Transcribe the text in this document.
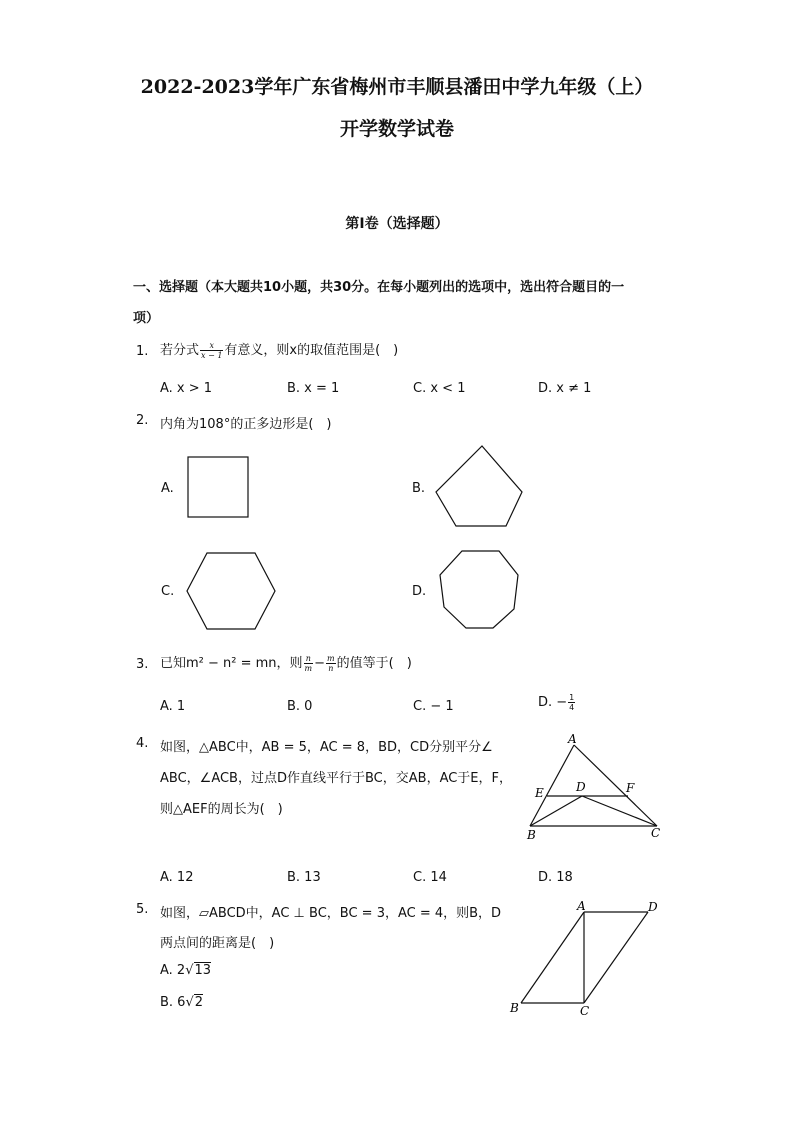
2022-2023学年广东省梅州市丰顺县潘田中学九年级（上）
开学数学试卷
第I卷（选择题）
一、选择题（本大题共10小题，共30分。在每小题列出的选项中，选出符合题目的一
项）
1. 若分式 $\frac{x}{x - 1}$ 有意义，则x的取值范围是(　)
A. x > 1	B. x = 1	C. x < 1	D. x ≠ 1
2. 内角为108°的正多边形是(　)
A.	B.
C.	D.
3. 已知m² − n² = mn，则 $\frac{n}{m} - \frac{m}{n}$ 的值等于(　)
A. 1	B. 0	C. − 1	D. − $\frac{1}{4}$
4. 如图，△ABC中，AB = 5，AC = 8，BD，CD分别平分∠
ABC，∠ACB，过点D作直线平行于BC，交AB，AC于E，F，
则△AEF的周长为(　)
A
E	D	F
B	C
A. 12	B. 13	C. 14	D. 18
5. 如图，▱ABCD中，AC ⊥ BC，BC = 3，AC = 4，则B，D
两点间的距离是(　)
A. 2√13
B. 6√2
A	D
B	C
